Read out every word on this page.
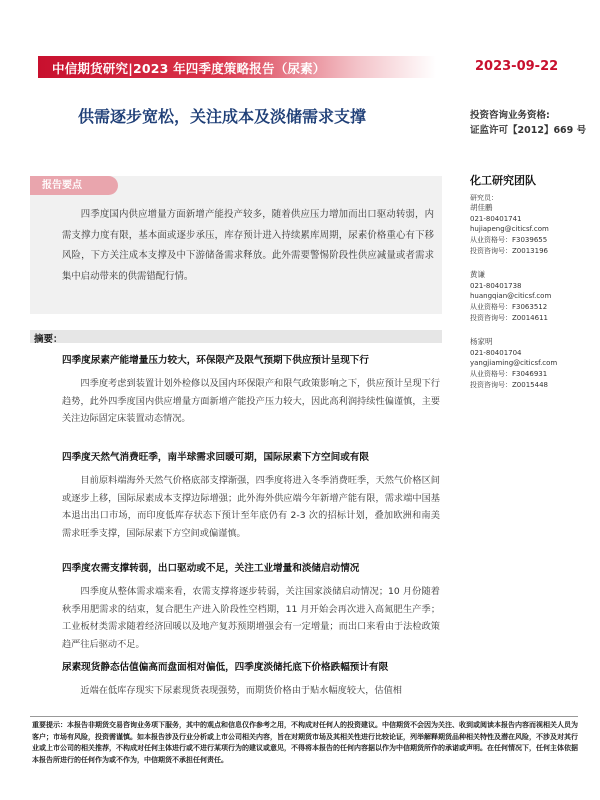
中信期货研究|2023 年四季度策略报告（尿素）	2023-09-22
供需逐步宽松，关注成本及淡储需求支撑	投资咨询业务资格:
证监许可【2012】669 号
报告要点
四季度国内供应增量方面新增产能投产较多，随着供应压力增加而出口驱动转弱，内需支撑力度有限，基本面或逐步承压，库存预计进入持续累库周期，尿素价格重心有下移风险，下方关注成本支撑及中下游储备需求释放。此外需要警惕阶段性供应减量或者需求集中启动带来的供需错配行情。
化工研究团队
研究员：
胡佳鹏
021-80401741
hujiapeng@citicsf.com
从业资格号：F3039655
投资咨询号：Z0013196
黄谦
021-80401738
huangqian@citicsf.com
从业资格号：F3063512
投资咨询号：Z0014611
杨家明
021-80401704
yangjiaming@citicsf.com
从业资格号：F3046931
投资咨询号：Z0015448
摘要：
四季度尿素产能增量压力较大，环保限产及限气预期下供应预计呈现下行
四季度考虑到装置计划外检修以及国内环保限产和限气政策影响之下，供应预计呈现下行趋势，此外四季度国内供应增量方面新增产能投产压力较大，因此高利润持续性偏谨慎，主要关注边际固定床装置动态情况。
四季度天然气消费旺季，南半球需求回暖可期，国际尿素下方空间或有限
目前原料端海外天然气价格底部支撑渐强，四季度将进入冬季消费旺季，天然气价格区间或逐步上移，国际尿素成本支撑边际增强；此外海外供应端今年新增产能有限，需求端中国基本退出出口市场，而印度低库存状态下预计至年底仍有 2-3 次的招标计划，叠加欧洲和南美需求旺季支撑，国际尿素下方空间或偏谨慎。
四季度农需支撑转弱，出口驱动或不足，关注工业增量和淡储启动情况
四季度从整体需求端来看，农需支撑将逐步转弱，关注国家淡储启动情况；10 月份随着秋季用肥需求的结束，复合肥生产进入阶段性空档期，11 月开始会再次进入高氮肥生产季；工业板材类需求随着经济回暖以及地产复苏预期增强会有一定增量；而出口来看由于法检政策趋严往后驱动不足。
尿素现货静态估值偏高而盘面相对偏低，四季度淡储托底下价格跌幅预计有限
近端在低库存现实下尿素现货表现强势，而期货价格由于贴水幅度较大，估值相
重要提示：本报告非期货交易咨询业务项下服务，其中的观点和信息仅作参考之用，不构成对任何人的投资建议。中信期货不会因为关注、收到或阅读本报告内容而视相关人员为客户；市场有风险，投资需谨慎。如本报告涉及行业分析或上市公司相关内容，旨在对期货市场及其相关性进行比较论证，列举解释期货品种相关特性及潜在风险，不涉及对其行业或上市公司的相关推荐，不构成对任何主体进行或不进行某项行为的建议或意见，不得将本报告的任何内容据以作为中信期货所作的承诺或声明。在任何情况下，任何主体依据本报告所进行的任何作为或不作为，中信期货不承担任何责任。
